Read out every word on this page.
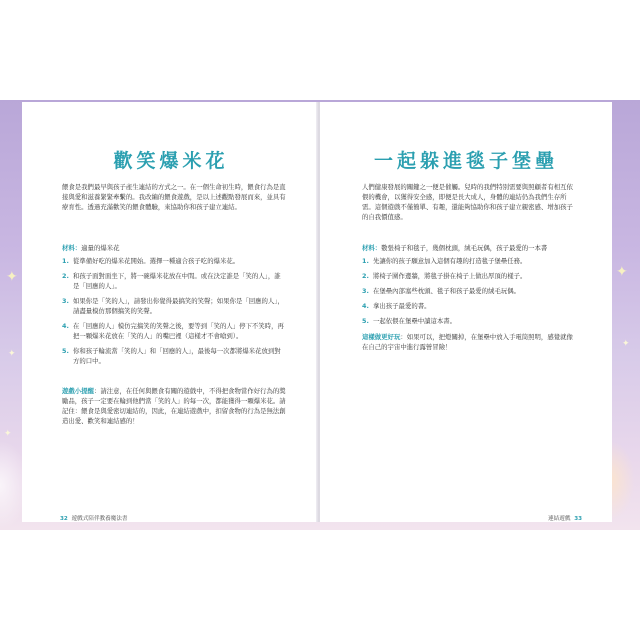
✦
✦
✦
✦
✦
歡笑爆米花

餵食是我們最早與孩子產生連結的方式之一。在一個生命初生時，餵食行為是直接與愛和滋養緊緊牽繫的。我改編的餵食遊戲，是以上述觀點發展而來，並具有療育性。透過充滿歡笑的餵食體驗，來協助你和孩子建立連結。

材料：適量的爆米花
1. 從準備好吃的爆米花開始。選擇一種適合孩子吃的爆米花。
2. 和孩子面對面坐下，將一碗爆米花放在中間。或在決定誰是「笑的人」，誰是「回應的人」。
3. 如果你是「笑的人」，請發出你覺得最搞笑的笑聲；如果你是「回應的人」，請盡量模仿那個搞笑的笑聲。
4. 在「回應的人」模仿完搞笑的笑聲之後，要等到「笑的人」停下不笑時，再把一顆爆米花放在「笑的人」的嘴巴裡（這樣才不會嗆到）。
5. 你和孩子輪流當「笑的人」和「回應的人」，最後每一次都將爆米花放到對方的口中。

遊戲小提醒：請注意，在任何與餵食有關的遊戲中，不得把食物當作好行為的獎勵品，孩子一定要在輪到他們當「笑的人」的每一次，都能獲得一顆爆米花。請記住：餵食是與愛密切連結的，因此，在連結遊戲中，扣留食物的行為是無法創造出愛、歡笑和連結感的！

32 遊戲式陪伴教養魔法書
一起躲進毯子堡壘

人們健康發展的關鍵之一便是催觸。兒時的我們特別需要與照顧者有相互依偎的機會，以獲得安全感，即便是長大成人，身體的連結仍為我們生存所需。這個遊戲不僅簡單、有趣，還能夠協助你和孩子建立親密感、增加孩子的自我價值感。

材料：數張椅子和毯子，幾個枕頭，絨毛玩偶，孩子最愛的一本書
1. 先讓你的孩子願意加入這個有趣的打造毯子堡壘任務。
2. 將椅子圍作邊牆，將毯子掛在椅子上做出厚頂的樣子。
3. 在堡壘內部塞些枕頭、毯子和孩子最愛的絨毛玩偶。
4. 拿出孩子最愛的書。
5. 一起依偎在堡壘中讀這本書。

這樣做更好玩：如果可以，把燈關掉，在堡壘中放入手電筒照明，感覺就像在自己的宇宙中進行露營冒險！

連結遊戲 33
